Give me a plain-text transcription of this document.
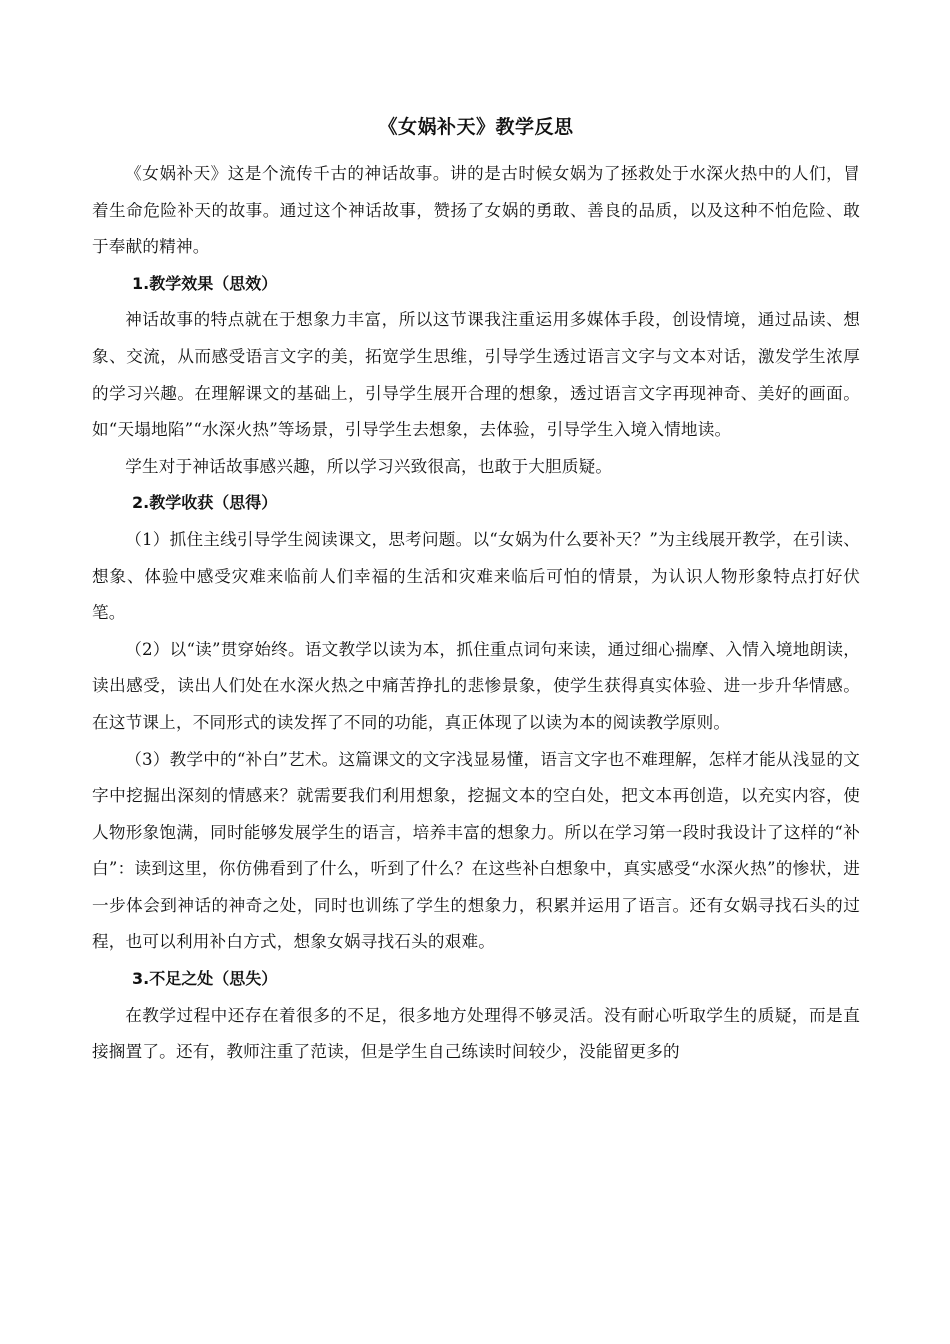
《女娲补天》教学反思

《女娲补天》这是个流传千古的神话故事。讲的是古时候女娲为了拯救处于水深火热中的人们，冒着生命危险补天的故事。通过这个神话故事，赞扬了女娲的勇敢、善良的品质，以及这种不怕危险、敢于奉献的精神。

1.教学效果（思效）

神话故事的特点就在于想象力丰富，所以这节课我注重运用多媒体手段，创设情境，通过品读、想象、交流，从而感受语言文字的美，拓宽学生思维，引导学生透过语言文字与文本对话，激发学生浓厚的学习兴趣。在理解课文的基础上，引导学生展开合理的想象，透过语言文字再现神奇、美好的画面。如“天塌地陷”“水深火热”等场景，引导学生去想象，去体验，引导学生入境入情地读。

学生对于神话故事感兴趣，所以学习兴致很高，也敢于大胆质疑。

2.教学收获（思得）

（1）抓住主线引导学生阅读课文，思考问题。以“女娲为什么要补天？”为主线展开教学，在引读、想象、体验中感受灾难来临前人们幸福的生活和灾难来临后可怕的情景，为认识人物形象特点打好伏笔。

（2）以“读”贯穿始终。语文教学以读为本，抓住重点词句来读，通过细心揣摩、入情入境地朗读，读出感受，读出人们处在水深火热之中痛苦挣扎的悲惨景象，使学生获得真实体验、进一步升华情感。在这节课上，不同形式的读发挥了不同的功能，真正体现了以读为本的阅读教学原则。

（3）教学中的“补白”艺术。这篇课文的文字浅显易懂，语言文字也不难理解，怎样才能从浅显的文字中挖掘出深刻的情感来？就需要我们利用想象，挖掘文本的空白处，把文本再创造，以充实内容，使人物形象饱满，同时能够发展学生的语言，培养丰富的想象力。所以在学习第一段时我设计了这样的“补白”：读到这里，你仿佛看到了什么，听到了什么？在这些补白想象中，真实感受“水深火热”的惨状，进一步体会到神话的神奇之处，同时也训练了学生的想象力，积累并运用了语言。还有女娲寻找石头的过程，也可以利用补白方式，想象女娲寻找石头的艰难。

3.不足之处（思失）

在教学过程中还存在着很多的不足，很多地方处理得不够灵活。没有耐心听取学生的质疑，而是直接搁置了。还有，教师注重了范读，但是学生自己练读时间较少，没能留更多的
